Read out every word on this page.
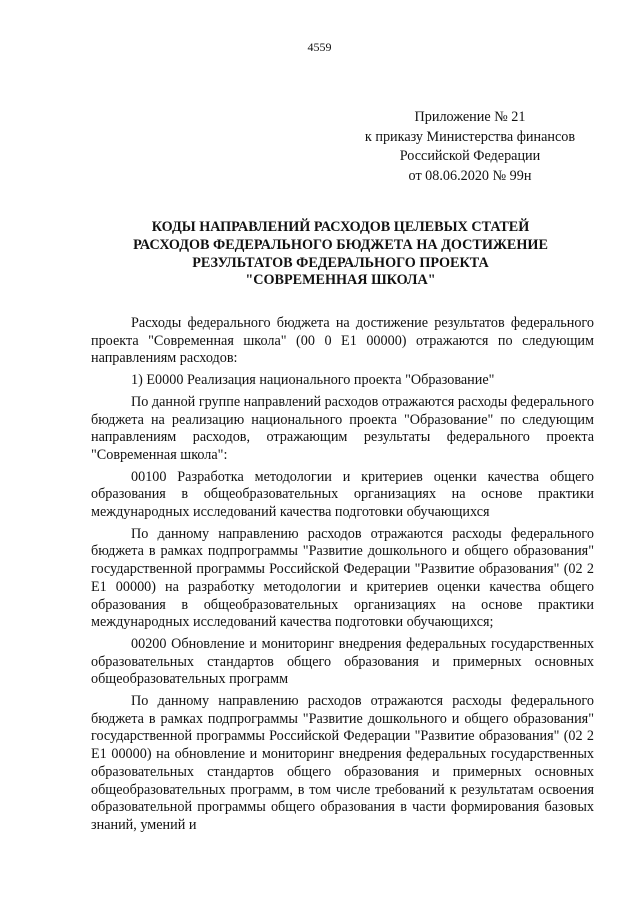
4559
Приложение № 21
к приказу Министерства финансов
Российской Федерации
от 08.06.2020 № 99н
КОДЫ НАПРАВЛЕНИЙ РАСХОДОВ ЦЕЛЕВЫХ СТАТЕЙ
РАСХОДОВ ФЕДЕРАЛЬНОГО БЮДЖЕТА НА ДОСТИЖЕНИЕ
РЕЗУЛЬТАТОВ ФЕДЕРАЛЬНОГО ПРОЕКТА
"СОВРЕМЕННАЯ ШКОЛА"

Расходы федерального бюджета на достижение результатов федерального проекта "Современная школа" (00 0 E1 00000) отражаются по следующим направлениям расходов:

1) E0000 Реализация национального проекта "Образование"

По данной группе направлений расходов отражаются расходы федерального бюджета на реализацию национального проекта "Образование" по следующим направлениям расходов, отражающим результаты федерального проекта "Современная школа":

00100 Разработка методологии и критериев оценки качества общего образования в общеобразовательных организациях на основе практики международных исследований качества подготовки обучающихся

По данному направлению расходов отражаются расходы федерального бюджета в рамках подпрограммы "Развитие дошкольного и общего образования" государственной программы Российской Федерации "Развитие образования" (02 2 E1 00000) на разработку методологии и критериев оценки качества общего образования в общеобразовательных организациях на основе практики международных исследований качества подготовки обучающихся;

00200 Обновление и мониторинг внедрения федеральных государственных образовательных стандартов общего образования и примерных основных общеобразовательных программ

По данному направлению расходов отражаются расходы федерального бюджета в рамках подпрограммы "Развитие дошкольного и общего образования" государственной программы Российской Федерации "Развитие образования" (02 2 E1 00000) на обновление и мониторинг внедрения федеральных государственных образовательных стандартов общего образования и примерных основных общеобразовательных программ, в том числе требований к результатам освоения образовательной программы общего образования в части формирования базовых знаний, умений и
